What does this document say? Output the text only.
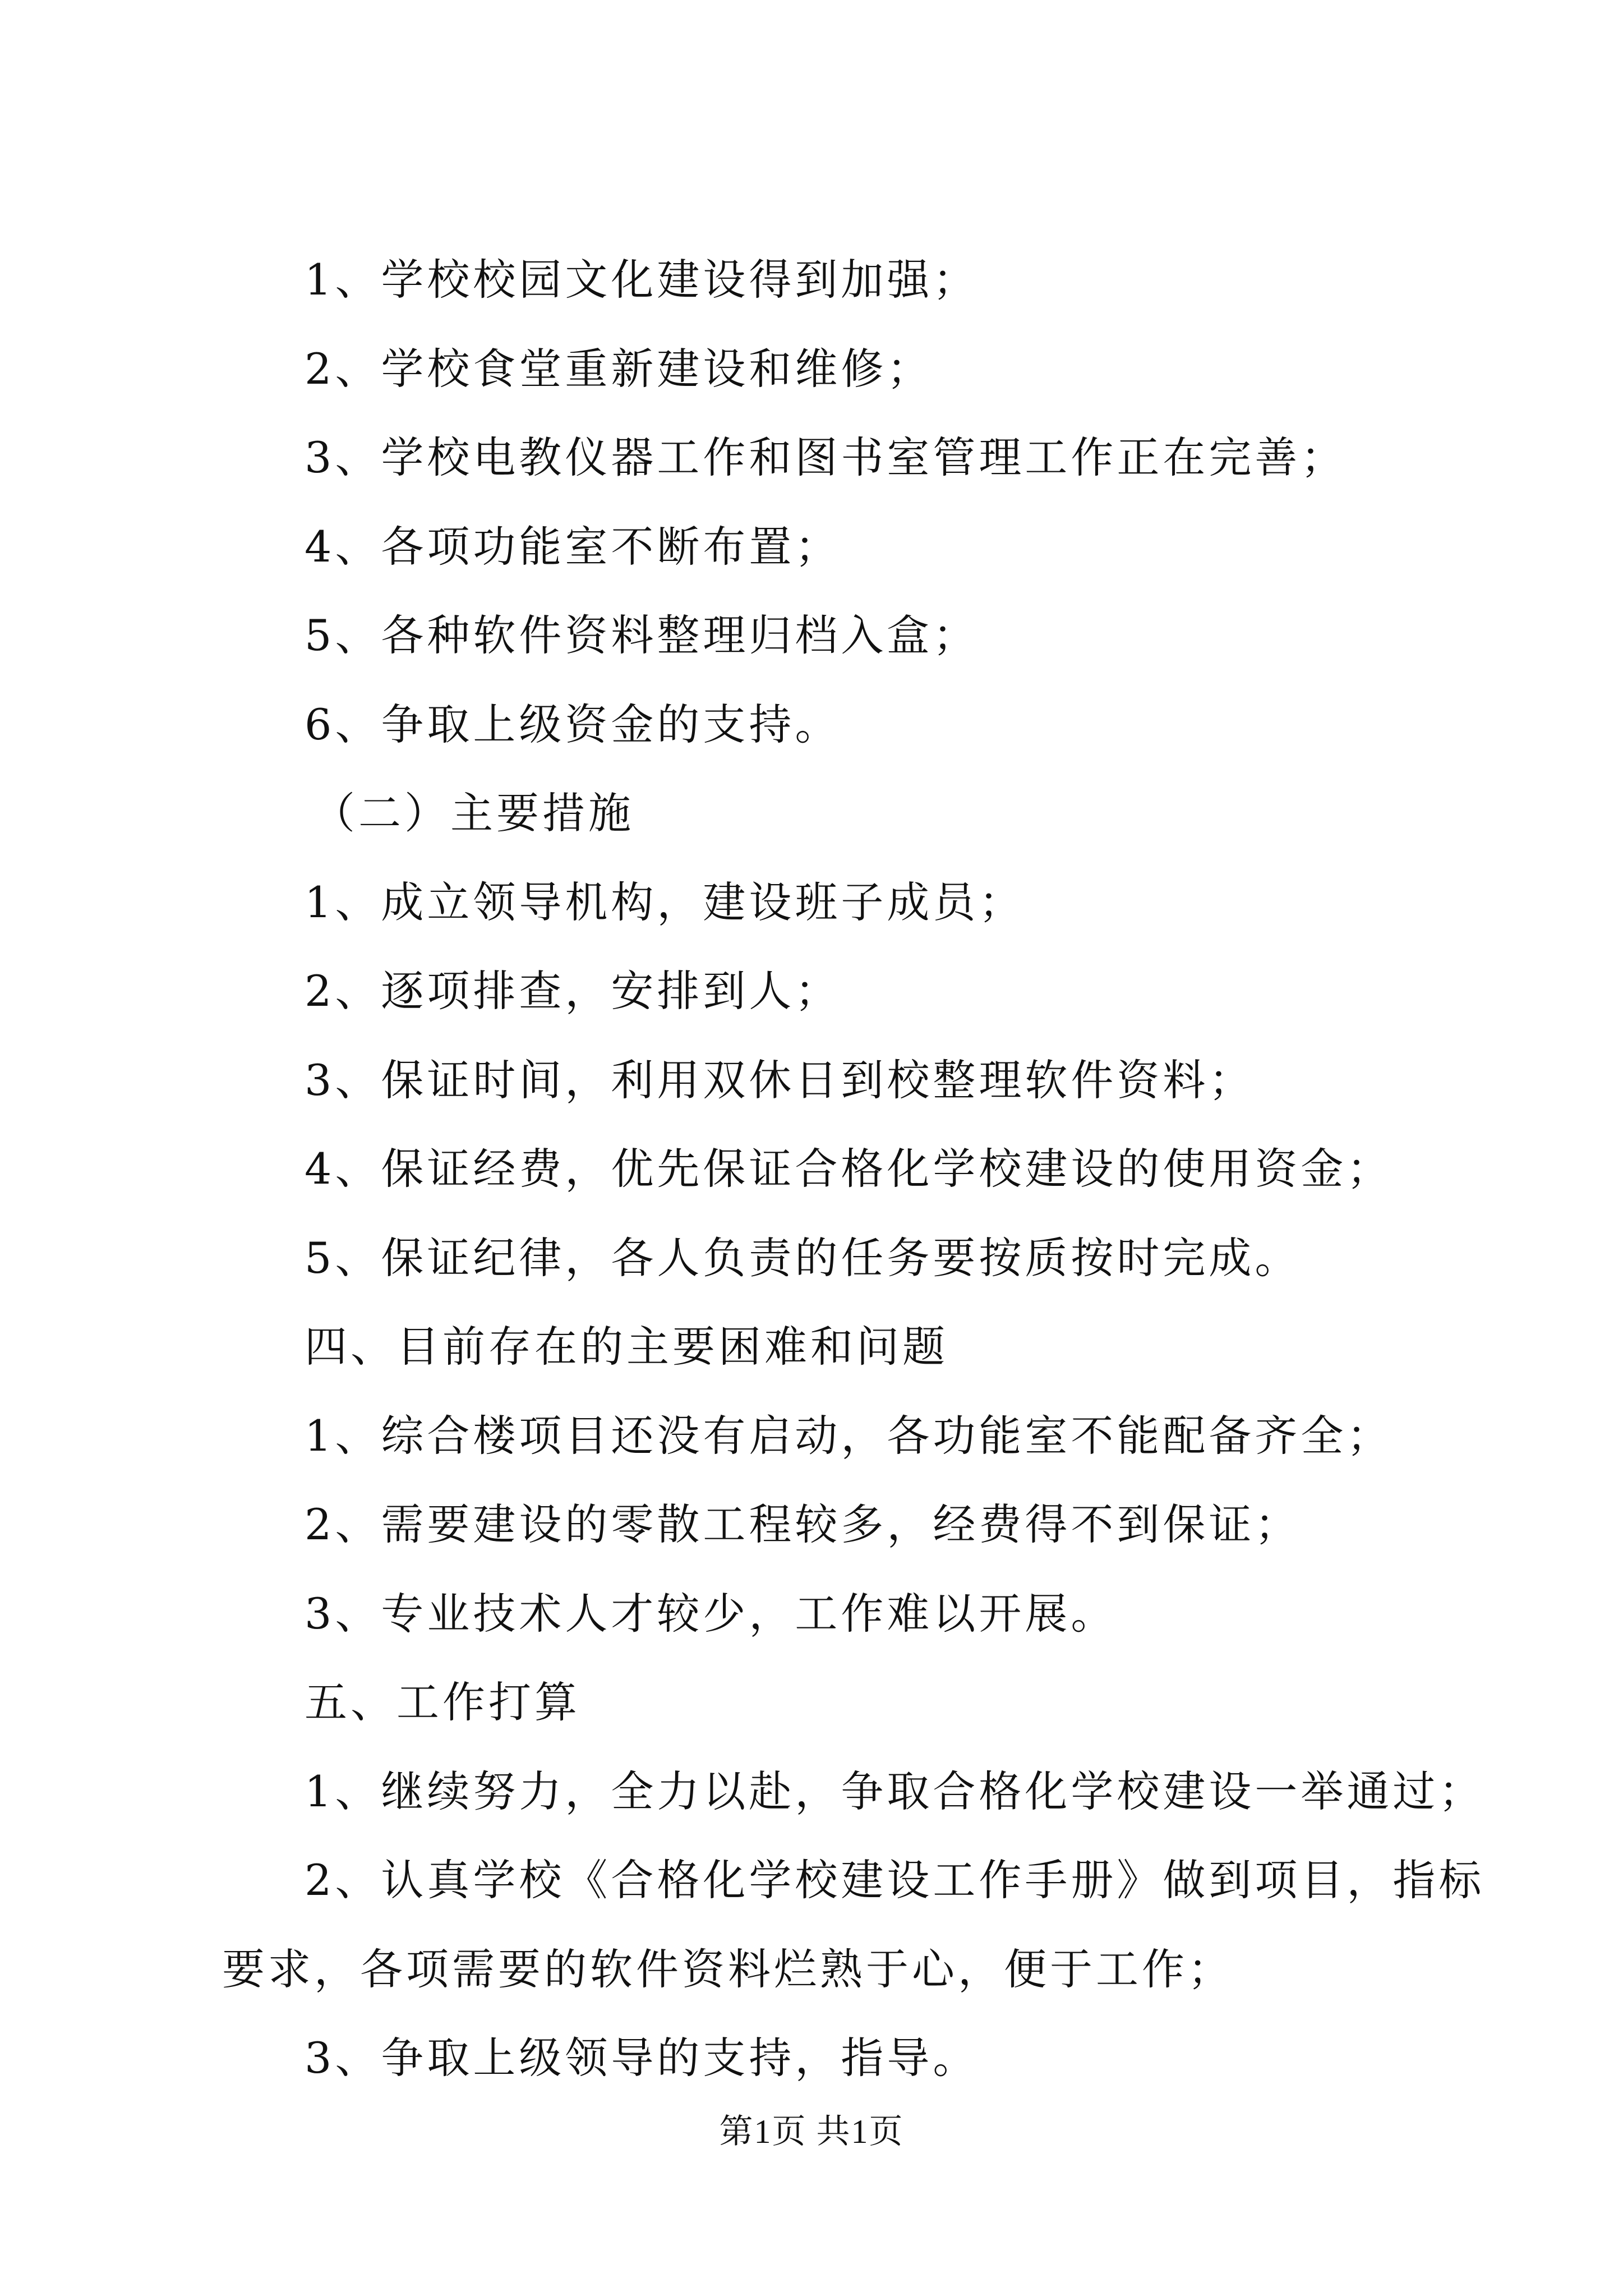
1、学校校园文化建设得到加强；
2、学校食堂重新建设和维修；
3、学校电教仪器工作和图书室管理工作正在完善；
4、各项功能室不断布置；
5、各种软件资料整理归档入盒；
6、争取上级资金的支持。
（二）主要措施
1、成立领导机构，建设班子成员；
2、逐项排查，安排到人；
3、保证时间，利用双休日到校整理软件资料；
4、保证经费，优先保证合格化学校建设的使用资金；
5、保证纪律，各人负责的任务要按质按时完成。
四、目前存在的主要困难和问题
1、综合楼项目还没有启动，各功能室不能配备齐全；
2、需要建设的零散工程较多，经费得不到保证；
3、专业技术人才较少，工作难以开展。
五、工作打算
1、继续努力，全力以赴，争取合格化学校建设一举通过；
2、认真学校《合格化学校建设工作手册》做到项目，指标
要求，各项需要的软件资料烂熟于心，便于工作；
3、争取上级领导的支持，指导。
第1页 共1页
